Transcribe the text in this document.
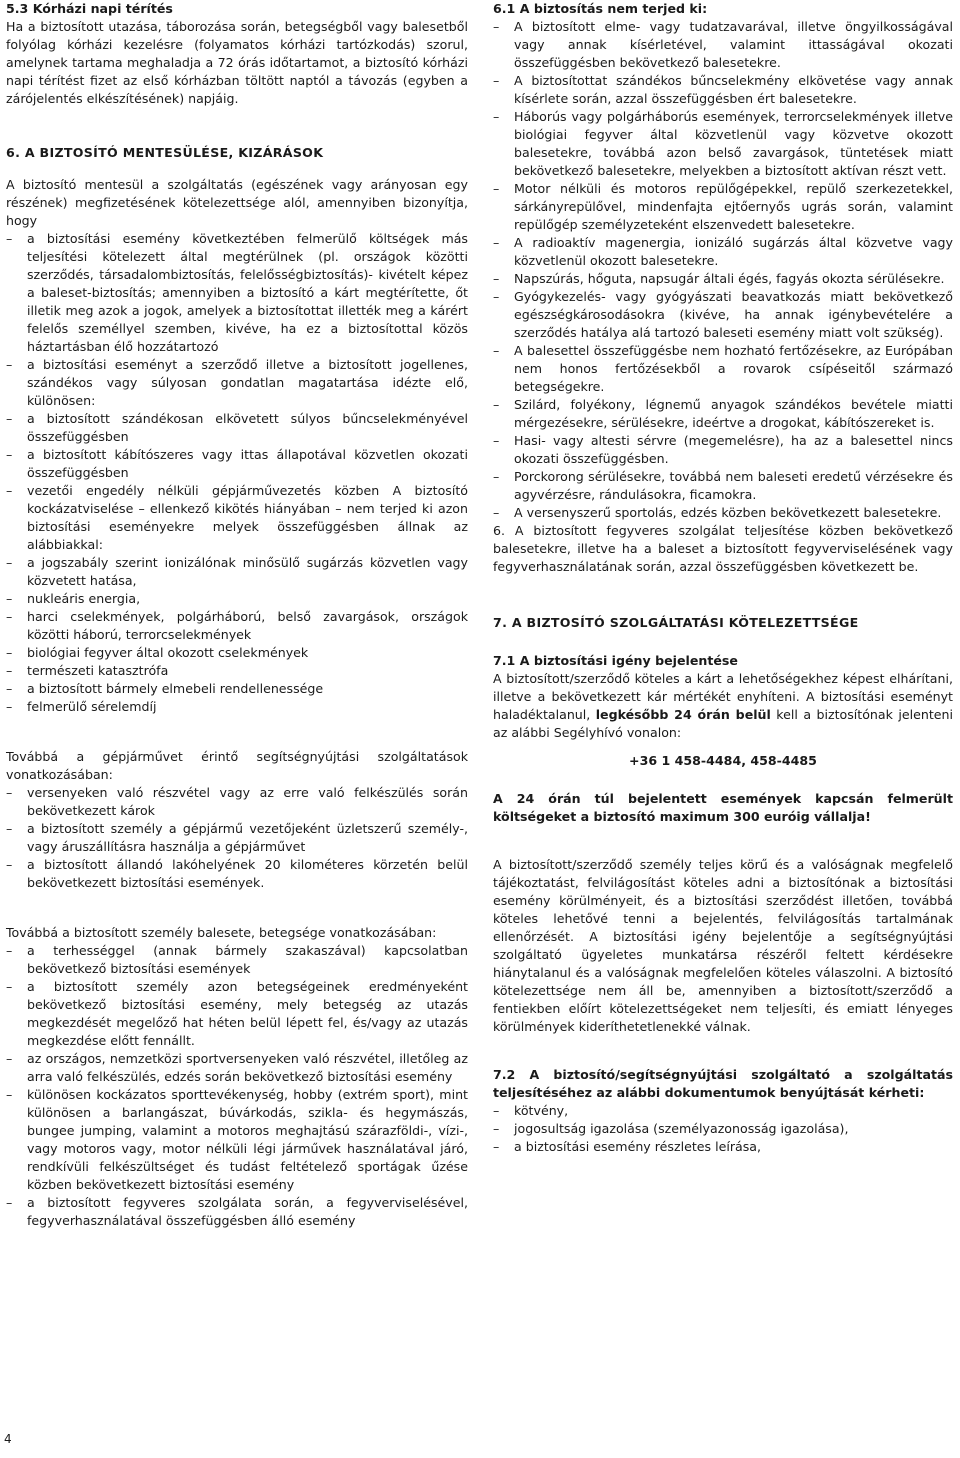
5.3 Kórházi napi térítés

Ha a biztosított utazása, táborozása során, betegségből vagy balesetből folyólag kórházi kezelésre (folyamatos kórházi tartózkodás) szorul, amelynek tartama meghaladja a 72 órás időtartamot, a biztosító kórházi napi térítést fizet az első kórházban töltött naptól a távozás (egyben a zárójelentés elkészítésének) napjáig.

6. A BIZTOSÍTÓ MENTESÜLÉSE, KIZÁRÁSOK

A biztosító mentesül a szolgáltatás (egészének vagy arányosan egy részének) megfizetésének kötelezettsége alól, amennyiben bizonyítja, hogy

– a biztosítási esemény következtében felmerülő költségek más teljesítési kötelezett által megtérülnek (pl. országok közötti szerződés, társadalombiztosítás, felelősségbiztosítás)- kivételt képez a baleset-biztosítás; amennyiben a biztosító a kárt megtérítette, őt illetik meg azok a jogok, amelyek a biztosítottat illették meg a kárért felelős személlyel szemben, kivéve, ha ez a biztosítottal közös háztartásban élő hozzátartozó
– a biztosítási eseményt a szerződő illetve a biztosított jogellenes, szándékos vagy súlyosan gondatlan magatartása idézte elő, különösen:
– a biztosított szándékosan elkövetett súlyos bűncselekményével összefüggésben
– a biztosított kábítószeres vagy ittas állapotával közvetlen okozati összefüggésben
– vezetői engedély nélküli gépjárművezetés közben A biztosító kockázatviselése – ellenkező kikötés hiányában – nem terjed ki azon biztosítási eseményekre melyek összefüggésben állnak az alábbiakkal:
– a jogszabály szerint ionizálónak minősülő sugárzás közvetlen vagy közvetett hatása,
– nukleáris energia,
– harci cselekmények, polgárháború, belső zavargások, országok közötti háború, terrorcselekmények
– biológiai fegyver által okozott cselekmények
– természeti katasztrófa
– a biztosított bármely elmebeli rendellenessége
– felmerülő sérelemdíj

Továbbá a gépjárművet érintő segítségnyújtási szolgáltatások vonatkozásában:

– versenyeken való részvétel vagy az erre való felkészülés során bekövetkezett károk
– a biztosított személy a gépjármű vezetőjeként üzletszerű személy-, vagy áruszállításra használja a gépjárművet
– a biztosított állandó lakóhelyének 20 kilométeres körzetén belül bekövetkezett biztosítási események.

Továbbá a biztosított személy balesete, betegsége vonatkozásában:

– a terhességgel (annak bármely szakaszával) kapcsolatban bekövetkező biztosítási események
– a biztosított személy azon betegségeinek eredményeként bekövetkező biztosítási esemény, mely betegség az utazás megkezdését megelőző hat héten belül lépett fel, és/vagy az utazás megkezdése előtt fennállt.
– az országos, nemzetközi sportversenyeken való részvétel, illetőleg az arra való felkészülés, edzés során bekövetkező biztosítási esemény
– különösen kockázatos sporttevékenység, hobby (extrém sport), mint különösen a barlangászat, búvárkodás, szikla- és hegymászás, bungee jumping, valamint a motoros meghajtású szárazföldi-, vízi-, vagy motoros vagy, motor nélküli légi járművek használatával járó, rendkívüli felkészültséget és tudást feltételező sportágak űzése közben bekövetkezett biztosítási esemény
– a biztosított fegyveres szolgálata során, a fegyverviselésével, fegyverhasználatával összefüggésben álló esemény

6.1 A biztosítás nem terjed ki:

– A biztosított elme- vagy tudatzavarával, illetve öngyilkosságával vagy annak kísérletével, valamint ittasságával okozati összefüggésben bekövetkező balesetekre.
– A biztosítottat szándékos bűncselekmény elkövetése vagy annak kísérlete során, azzal összefüggésben ért balesetekre.
– Háborús vagy polgárháborús események, terrorcselekmények illetve biológiai fegyver által közvetlenül vagy közvetve okozott balesetekre, továbbá azon belső zavargások, tüntetések miatt bekövetkező balesetekre, melyekben a biztosított aktívan részt vett.
– Motor nélküli és motoros repülőgépekkel, repülő szerkezetekkel, sárkányrepülővel, mindenfajta ejtőernyős ugrás során, valamint repülőgép személyzeteként elszenvedett balesetekre.
– A radioaktív magenergia, ionizáló sugárzás által közvetve vagy közvetlenül okozott balesetekre.
– Napszúrás, hőguta, napsugár általi égés, fagyás okozta sérülésekre.
– Gyógykezelés- vagy gyógyászati beavatkozás miatt bekövetkező egészségkárosodásokra (kivéve, ha annak igénybevételére a szerződés hatálya alá tartozó baleseti esemény miatt volt szükség).
– A balesettel összefüggésbe nem hozható fertőzésekre, az Európában nem honos fertőzésekből a rovarok csípéseitől származó betegségekre.
– Szilárd, folyékony, légnemű anyagok szándékos bevétele miatti mérgezésekre, sérülésekre, ideértve a drogokat, kábítószereket is.
– Hasi- vagy altesti sérvre (megemelésre), ha az a balesettel nincs okozati összefüggésben.
– Porckorong sérülésekre, továbbá nem baleseti eredetű vérzésekre és agyvérzésre, rándulásokra, ficamokra.
– A versenyszerű sportolás, edzés közben bekövetkezett balesetekre.

6. A biztosított fegyveres szolgálat teljesítése közben bekövetkező balesetekre, illetve ha a baleset a biztosított fegyverviselésének vagy fegyverhasználatának során, azzal összefüggésben következett be.

7. A BIZTOSÍTÓ SZOLGÁLTATÁSI KÖTELEZETTSÉGE

7.1 A biztosítási igény bejelentése

A biztosított/szerződő köteles a kárt a lehetőségekhez képest elhárítani, illetve a bekövetkezett kár mértékét enyhíteni. A biztosítási eseményt haladéktalanul, legkésőbb 24 órán belül kell a biztosítónak jelenteni az alábbi Segélyhívó vonalon:

+36 1 458-4484, 458-4485

A 24 órán túl bejelentett események kapcsán felmerült költségeket a biztosító maximum 300 euróig vállalja!

A biztosított/szerződő személy teljes körű és a valóságnak megfelelő tájékoztatást, felvilágosítást köteles adni a biztosítónak a biztosítási esemény körülményeit, és a biztosítási szerződést illetően, továbbá köteles lehetővé tenni a bejelentés, felvilágosítás tartalmának ellenőrzését. A biztosítási igény bejelentője a segítségnyújtási szolgáltató ügyeletes munkatársa részéről feltett kérdésekre hiánytalanul és a valóságnak megfelelően köteles válaszolni. A biztosító kötelezettsége nem áll be, amennyiben a biztosított/szerződő a fentiekben előírt kötelezettségeket nem teljesíti, és emiatt lényeges körülmények kideríthetetlenekké válnak.

7.2 A biztosító/segítségnyújtási szolgáltató a szolgáltatás teljesítéséhez az alábbi dokumentumok benyújtását kérheti:

– kötvény,
– jogosultság igazolása (személyazonosság igazolása),
– a biztosítási esemény részletes leírása,
4
